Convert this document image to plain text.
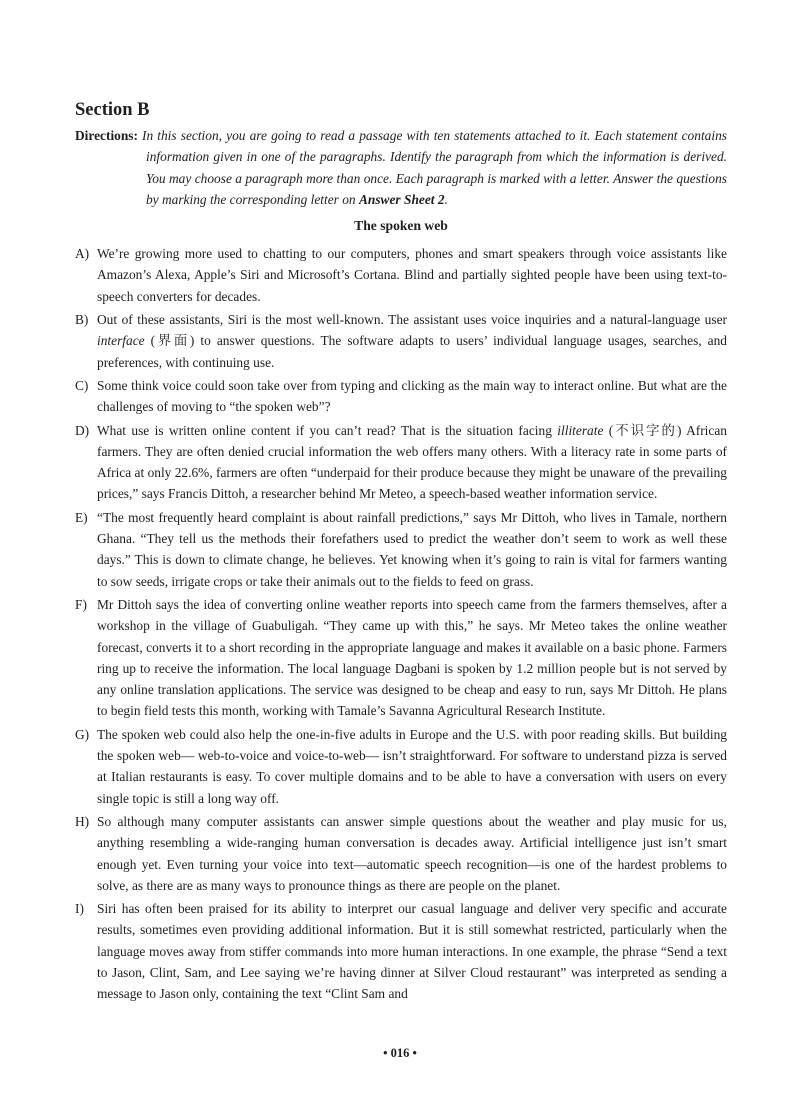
Section B
Directions: In this section, you are going to read a passage with ten statements attached to it. Each statement contains information given in one of the paragraphs. Identify the paragraph from which the information is derived. You may choose a paragraph more than once. Each paragraph is marked with a letter. Answer the questions by marking the corresponding letter on Answer Sheet 2.
The spoken web
A) We’re growing more used to chatting to our computers, phones and smart speakers through voice assistants like Amazon’s Alexa, Apple’s Siri and Microsoft’s Cortana. Blind and partially sighted people have been using text-to-speech converters for decades.
B) Out of these assistants, Siri is the most well-known. The assistant uses voice inquiries and a natural-language user interface (界面) to answer questions. The software adapts to users’ individual language usages, searches, and preferences, with continuing use.
C) Some think voice could soon take over from typing and clicking as the main way to interact online. But what are the challenges of moving to “the spoken web”?
D) What use is written online content if you can’t read? That is the situation facing illiterate (不识字的) African farmers. They are often denied crucial information the web offers many others. With a literacy rate in some parts of Africa at only 22.6%, farmers are often “underpaid for their produce because they might be unaware of the prevailing prices,” says Francis Dittoh, a researcher behind Mr Meteo, a speech-based weather information service.
E) “The most frequently heard complaint is about rainfall predictions,” says Mr Dittoh, who lives in Tamale, northern Ghana. “They tell us the methods their forefathers used to predict the weather don’t seem to work as well these days.” This is down to climate change, he believes. Yet knowing when it’s going to rain is vital for farmers wanting to sow seeds, irrigate crops or take their animals out to the fields to feed on grass.
F) Mr Dittoh says the idea of converting online weather reports into speech came from the farmers themselves, after a workshop in the village of Guabuligah. “They came up with this,” he says. Mr Meteo takes the online weather forecast, converts it to a short recording in the appropriate language and makes it available on a basic phone. Farmers ring up to receive the information. The local language Dagbani is spoken by 1.2 million people but is not served by any online translation applications. The service was designed to be cheap and easy to run, says Mr Dittoh. He plans to begin field tests this month, working with Tamale’s Savanna Agricultural Research Institute.
G) The spoken web could also help the one-in-five adults in Europe and the U.S. with poor reading skills. But building the spoken web— web-to-voice and voice-to-web— isn’t straightforward. For software to understand pizza is served at Italian restaurants is easy. To cover multiple domains and to be able to have a conversation with users on every single topic is still a long way off.
H) So although many computer assistants can answer simple questions about the weather and play music for us, anything resembling a wide-ranging human conversation is decades away. Artificial intelligence just isn’t smart enough yet. Even turning your voice into text—automatic speech recognition—is one of the hardest problems to solve, as there are as many ways to pronounce things as there are people on the planet.
I) Siri has often been praised for its ability to interpret our casual language and deliver very specific and accurate results, sometimes even providing additional information. But it is still somewhat restricted, particularly when the language moves away from stiffer commands into more human interactions. In one example, the phrase “Send a text to Jason, Clint, Sam, and Lee saying we’re having dinner at Silver Cloud restaurant” was interpreted as sending a message to Jason only, containing the text “Clint Sam and
• 016 •
